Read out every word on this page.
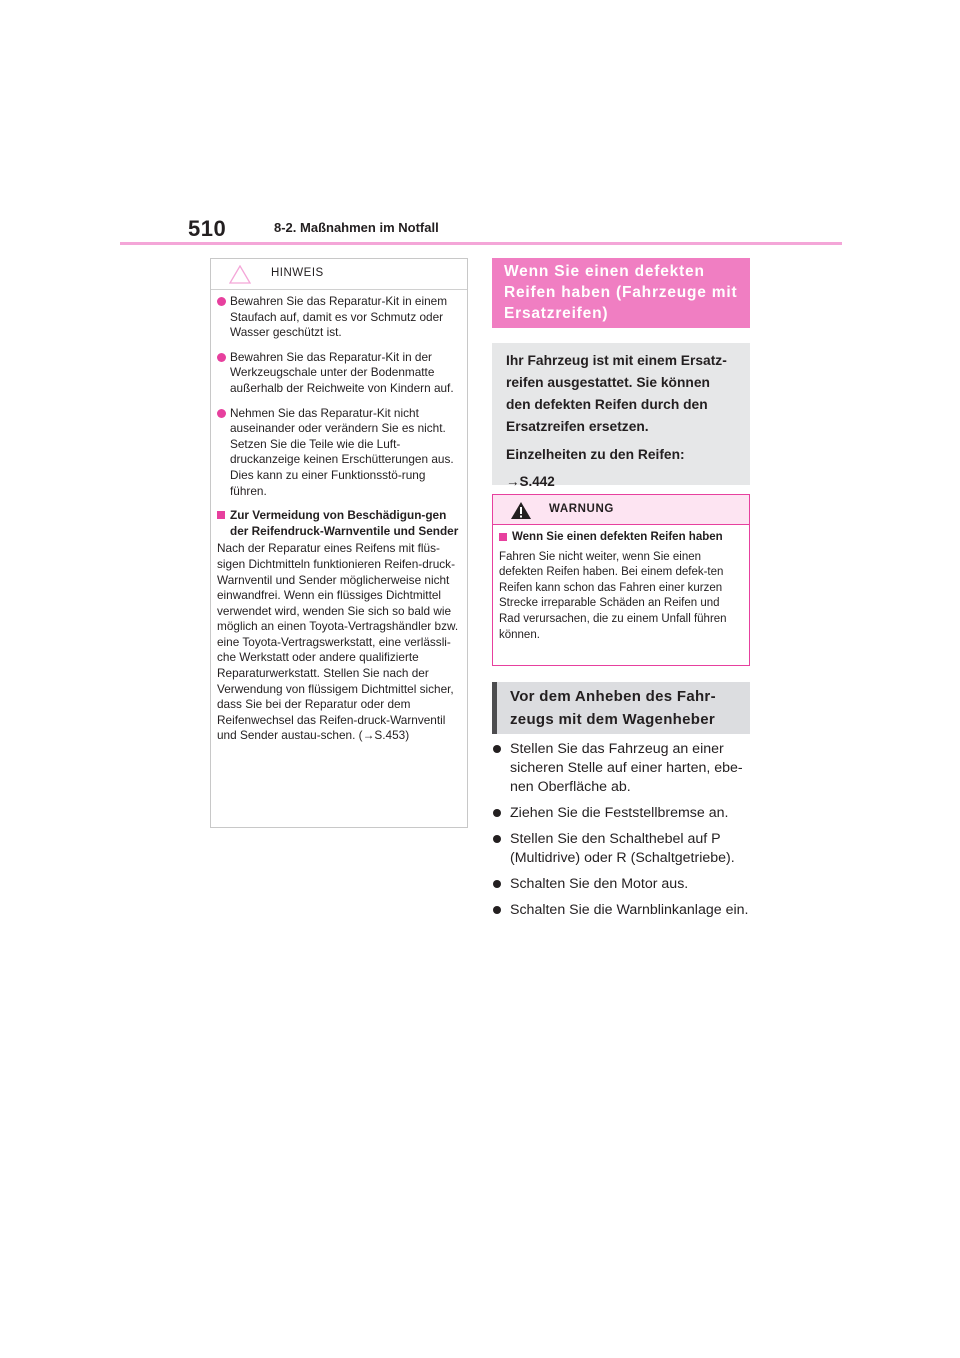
510	8-2. Maßnahmen im Notfall
HINWEIS
Bewahren Sie das Reparatur-Kit in einem Staufach auf, damit es vor Schmutz oder Wasser geschützt ist.
Bewahren Sie das Reparatur-Kit in der Werkzeugschale unter der Bodenmatte außerhalb der Reichweite von Kindern auf.
Nehmen Sie das Reparatur-Kit nicht auseinander oder verändern Sie es nicht. Setzen Sie die Teile wie die Luft-druckanzeige keinen Erschütterungen aus. Dies kann zu einer Funktionsstö-rung führen.
Zur Vermeidung von Beschädigun-gen der Reifendruck-Warnventile und Sender
Nach der Reparatur eines Reifens mit flüs-sigen Dichtmitteln funktionieren Reifen-druck-Warnventil und Sender möglicherweise nicht einwandfrei. Wenn ein flüssiges Dichtmittel verwendet wird, wenden Sie sich so bald wie möglich an einen Toyota-Vertragshändler bzw. eine Toyota-Vertragswerkstatt, eine verlässli-che Werkstatt oder andere qualifizierte Reparaturwerkstatt. Stellen Sie nach der Verwendung von flüssigem Dichtmittel sicher, dass Sie bei der Reparatur oder dem Reifenwechsel das Reifen-druck-Warnventil und Sender austau-schen. (→S.453)
Wenn Sie einen defekten Reifen haben (Fahrzeuge mit Ersatzreifen)
Ihr Fahrzeug ist mit einem Ersatz-reifen ausgestattet. Sie können den defekten Reifen durch den Ersatzreifen ersetzen.
Einzelheiten zu den Reifen:
→S.442
WARNUNG
Wenn Sie einen defekten Reifen haben
Fahren Sie nicht weiter, wenn Sie einen defekten Reifen haben. Bei einem defek-ten Reifen kann schon das Fahren einer kurzen Strecke irreparable Schäden an Reifen und Rad verursachen, die zu einem Unfall führen können.
Vor dem Anheben des Fahr-zeugs mit dem Wagenheber
Stellen Sie das Fahrzeug an einer sicheren Stelle auf einer harten, ebe-nen Oberfläche ab.
Ziehen Sie die Feststellbremse an.
Stellen Sie den Schalthebel auf P (Multidrive) oder R (Schaltgetriebe).
Schalten Sie den Motor aus.
Schalten Sie die Warnblinkanlage ein.
